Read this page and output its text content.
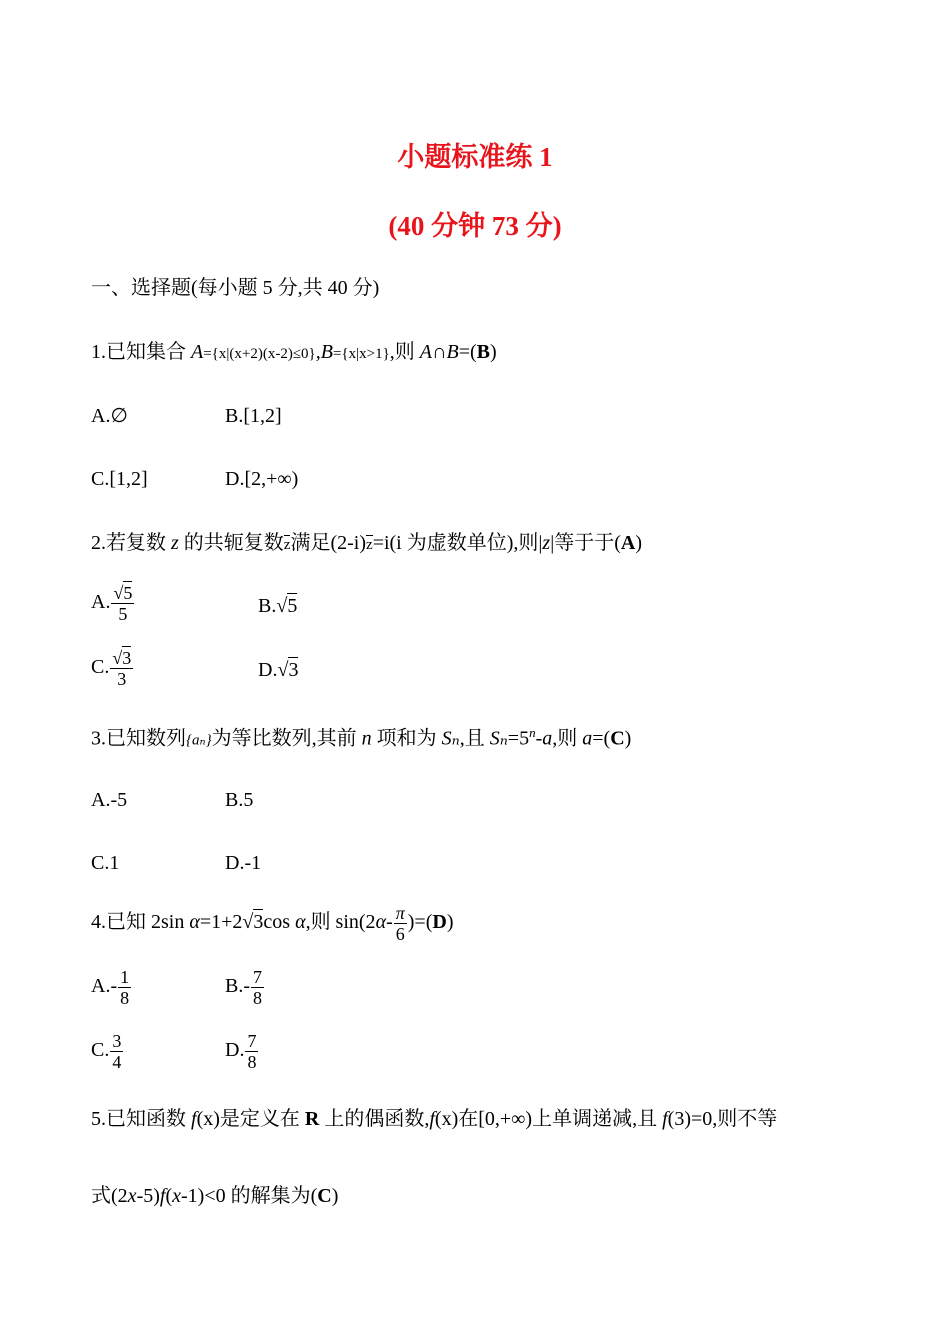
小题标准练 1
(40 分钟 73 分)
一、选择题(每小题 5 分,共 40 分)
1.已知集合 A={x|(x+2)(x-2)≤0},B={x|x>1},则 A∩B=(B)
A.∅	B.[1,2]
C.[1,2]	D.[2,+∞)
2.若复数 z 的共轭复数z满足(2-i)z=i(i 为虚数单位),则|z|等于于(A)
A. $\frac{√5}{5}$	B.√5
C. $\frac{√3}{3}$	D.√3
3.已知数列{aₙ}为等比数列,其前 n 项和为 Sₙ,且 $S_n=5^n-a$,则 a=(C)
A.-5	B.5
C.1	D.-1
4.已知 2sin α=1+2√3cos α,则 $\sin(2\alpha- \frac{\pi}{6} )=(D)$
$A.- \frac{1}{8}$	$B.- \frac{7}{8}$
C. $\frac{3}{4}$	D. $\frac{7}{8}$
5.已知函数 f(x)是定义在 R 上的偶函数,f(x)在[0,+∞)上单调递减,且 f(3)=0,则不等
式(2x-5)f(x-1)<0 的解集为(C)
